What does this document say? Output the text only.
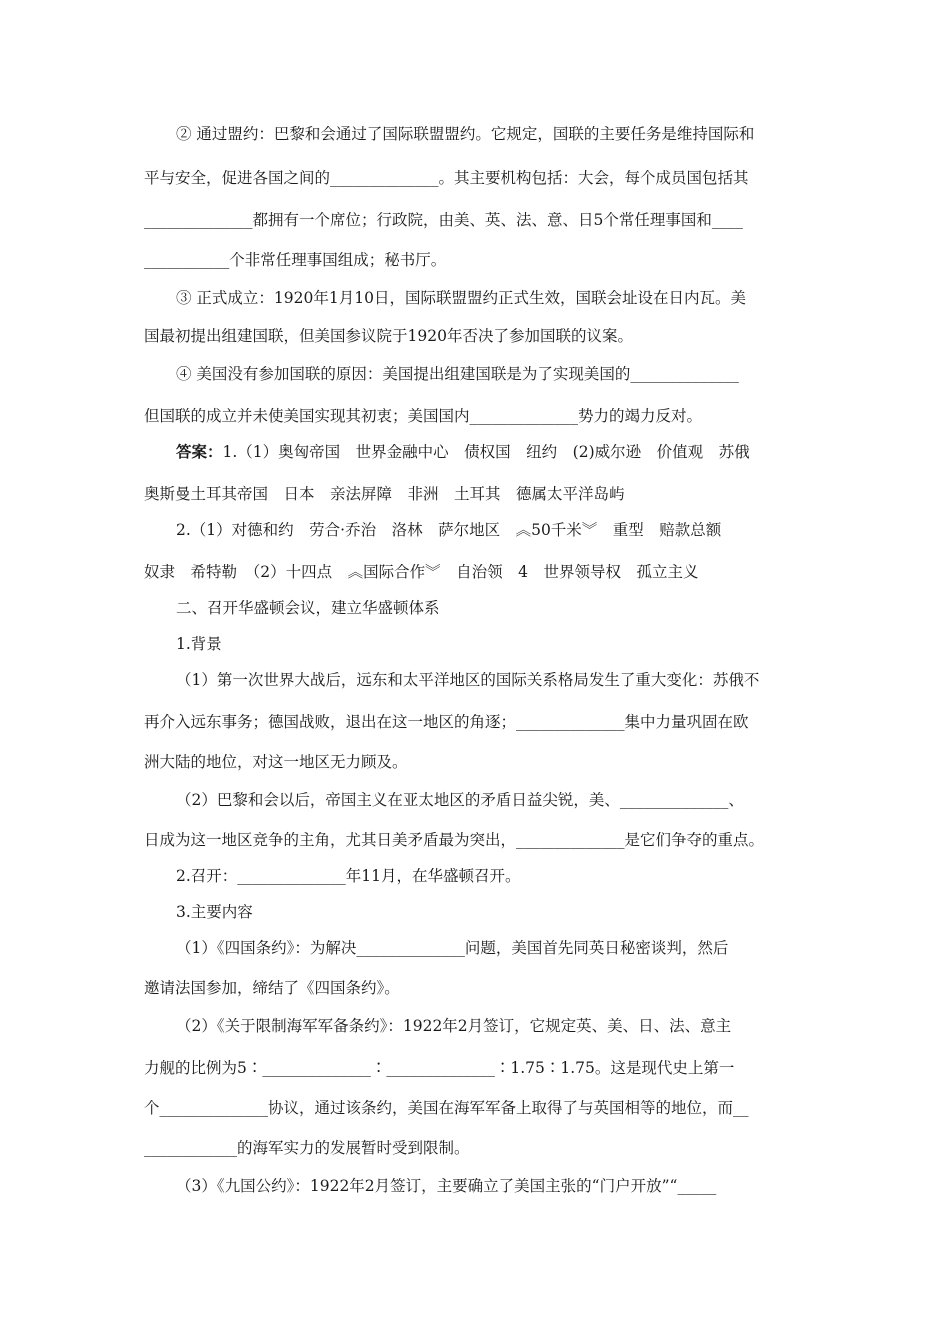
② 通过盟约：巴黎和会通过了国际联盟盟约。它规定，国联的主要任务是维持国际和
平与安全，促进各国之间的______________。其主要机构包括：大会，每个成员国包括其
______________都拥有一个席位；行政院，由美、英、法、意、日5个常任理事国和____
___________个非常任理事国组成；秘书厅。
③ 正式成立：1920年1月10日，国际联盟盟约正式生效，国联会址设在日内瓦。美
国最初提出组建国联，但美国参议院于1920年否决了参加国联的议案。
④ 美国没有参加国联的原因：美国提出组建国联是为了实现美国的______________
但国联的成立并未使美国实现其初衷；美国国内______________势力的竭力反对。
答案：1.（1）奥匈帝国　世界金融中心　债权国　纽约　(2)威尔逊　价值观　苏俄
奥斯曼土耳其帝国　日本　亲法屏障　非洲　土耳其　德属太平洋岛屿
2.（1）对德和约　劳合·乔治　洛林　萨尔地区　︽50千米︾　重型　赔款总额
奴隶　希特勒　（2）十四点　︽国际合作︾　自治领　4　世界领导权　孤立主义
二、召开华盛顿会议，建立华盛顿体系
1.背景
（1）第一次世界大战后，远东和太平洋地区的国际关系格局发生了重大变化：苏俄不
再介入远东事务；德国战败，退出在这一地区的角逐；______________集中力量巩固在欧
洲大陆的地位，对这一地区无力顾及。
（2）巴黎和会以后，帝国主义在亚太地区的矛盾日益尖锐，美、______________、
日成为这一地区竞争的主角，尤其日美矛盾最为突出，______________是它们争夺的重点。
2.召开：______________年11月，在华盛顿召开。
3.主要内容
（1）《四国条约》：为解决______________问题，美国首先同英日秘密谈判，然后
邀请法国参加，缔结了《四国条约》。
（2）《关于限制海军军备条约》：1922年2月签订，它规定英、美、日、法、意主
力舰的比例为5∶______________∶______________∶1.75∶1.75。这是现代史上第一
个______________协议，通过该条约，美国在海军军备上取得了与英国相等的地位，而__
____________的海军实力的发展暂时受到限制。
（3）《九国公约》：1922年2月签订，主要确立了美国主张的“门户开放”“_____
